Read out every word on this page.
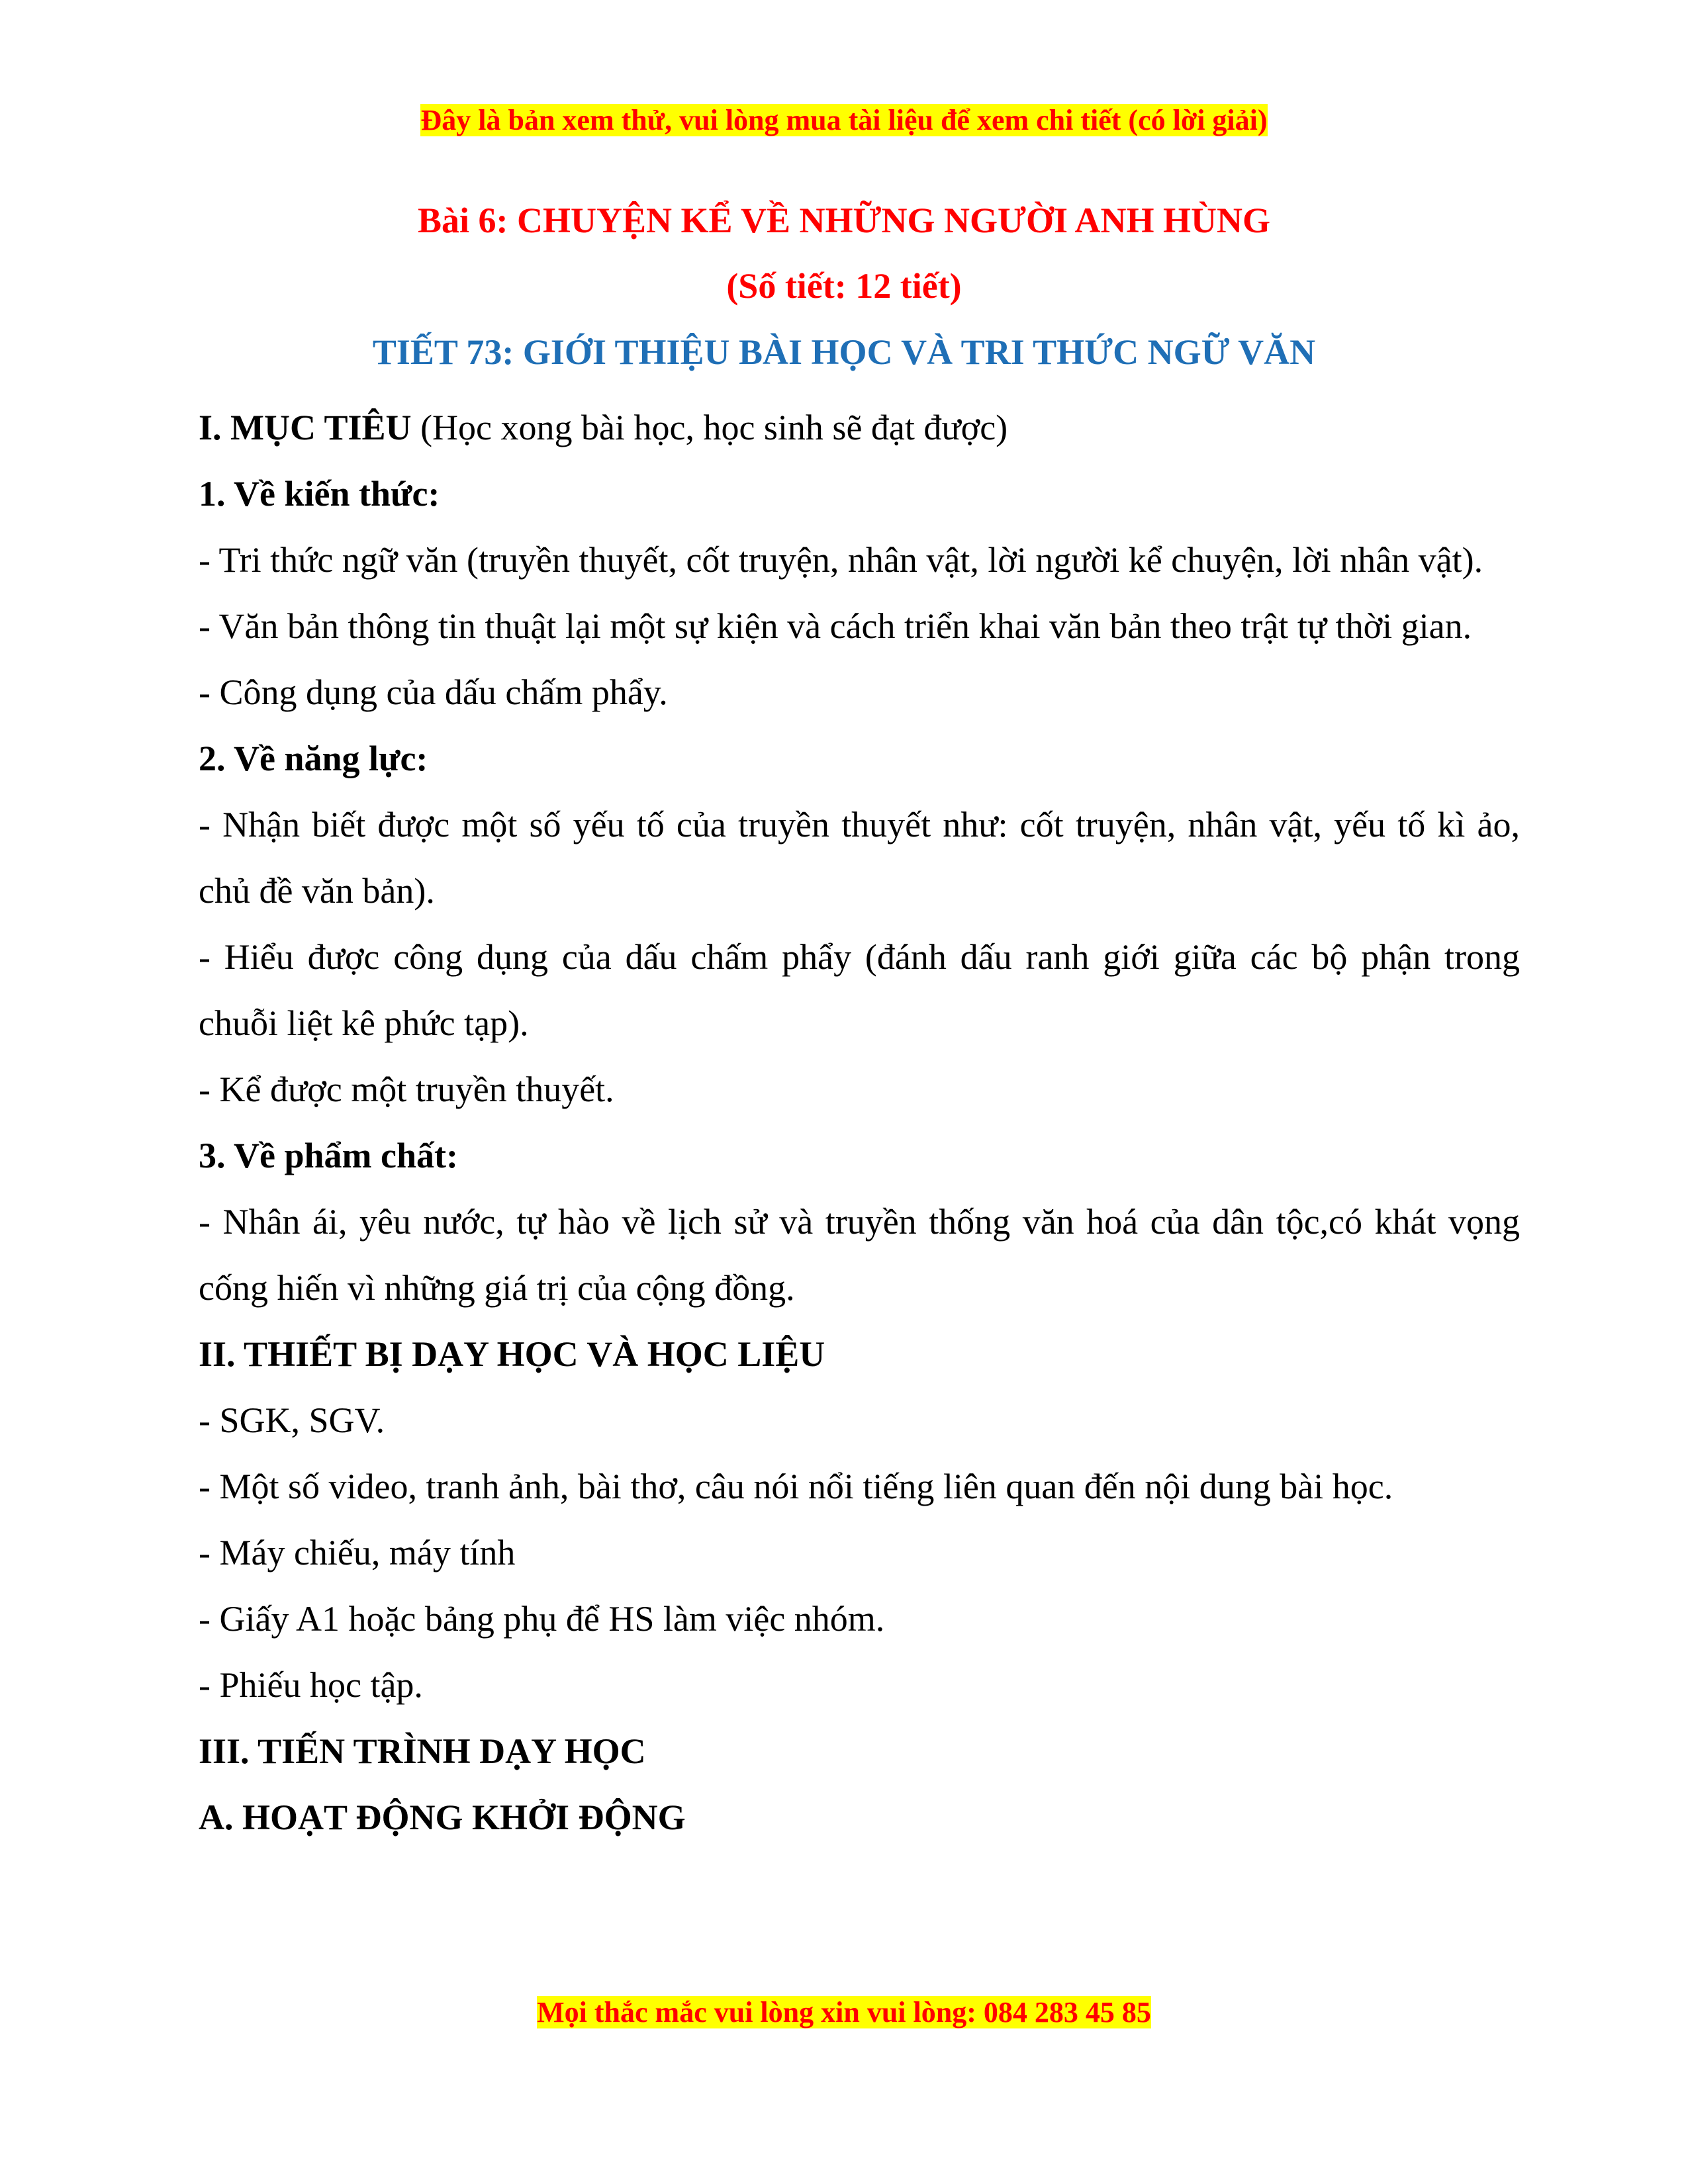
Đây là bản xem thử, vui lòng mua tài liệu để xem chi tiết (có lời giải)
Bài 6: CHUYỆN KỂ VỀ NHỮNG NGƯỜI ANH HÙNG
(Số tiết: 12 tiết)
TIẾT 73: GIỚI THIỆU BÀI HỌC VÀ TRI THỨC NGỮ VĂN

I. MỤC TIÊU (Học xong bài học, học sinh sẽ đạt được)

1. Về kiến thức:

- Tri thức ngữ văn (truyền thuyết, cốt truyện, nhân vật, lời người kể chuyện, lời nhân vật).

- Văn bản thông tin thuật lại một sự kiện và cách triển khai văn bản theo trật tự thời gian.

- Công dụng của dấu chấm phẩy.

2. Về năng lực:

- Nhận biết được một số yếu tố của truyền thuyết như: cốt truyện, nhân vật, yếu tố kì ảo, chủ đề văn bản).

- Hiểu được công dụng của dấu chấm phẩy (đánh dấu ranh giới giữa các bộ phận trong chuỗi liệt kê phức tạp).

- Kể được một truyền thuyết.

3. Về phẩm chất:

- Nhân ái, yêu nước, tự hào về lịch sử và truyền thống văn hoá của dân tộc,có khát vọng cống hiến vì những giá trị của cộng đồng.

II. THIẾT BỊ DẠY HỌC VÀ HỌC LIỆU

- SGK, SGV.

- Một số video, tranh ảnh, bài thơ, câu nói nổi tiếng liên quan đến nội dung bài học.

- Máy chiếu, máy tính

- Giấy A1 hoặc bảng phụ để HS làm việc nhóm.

- Phiếu học tập.

III. TIẾN TRÌNH DẠY HỌC

A. HOẠT ĐỘNG KHỞI ĐỘNG

Mọi thắc mắc vui lòng xin vui lòng: 084 283 45 85
